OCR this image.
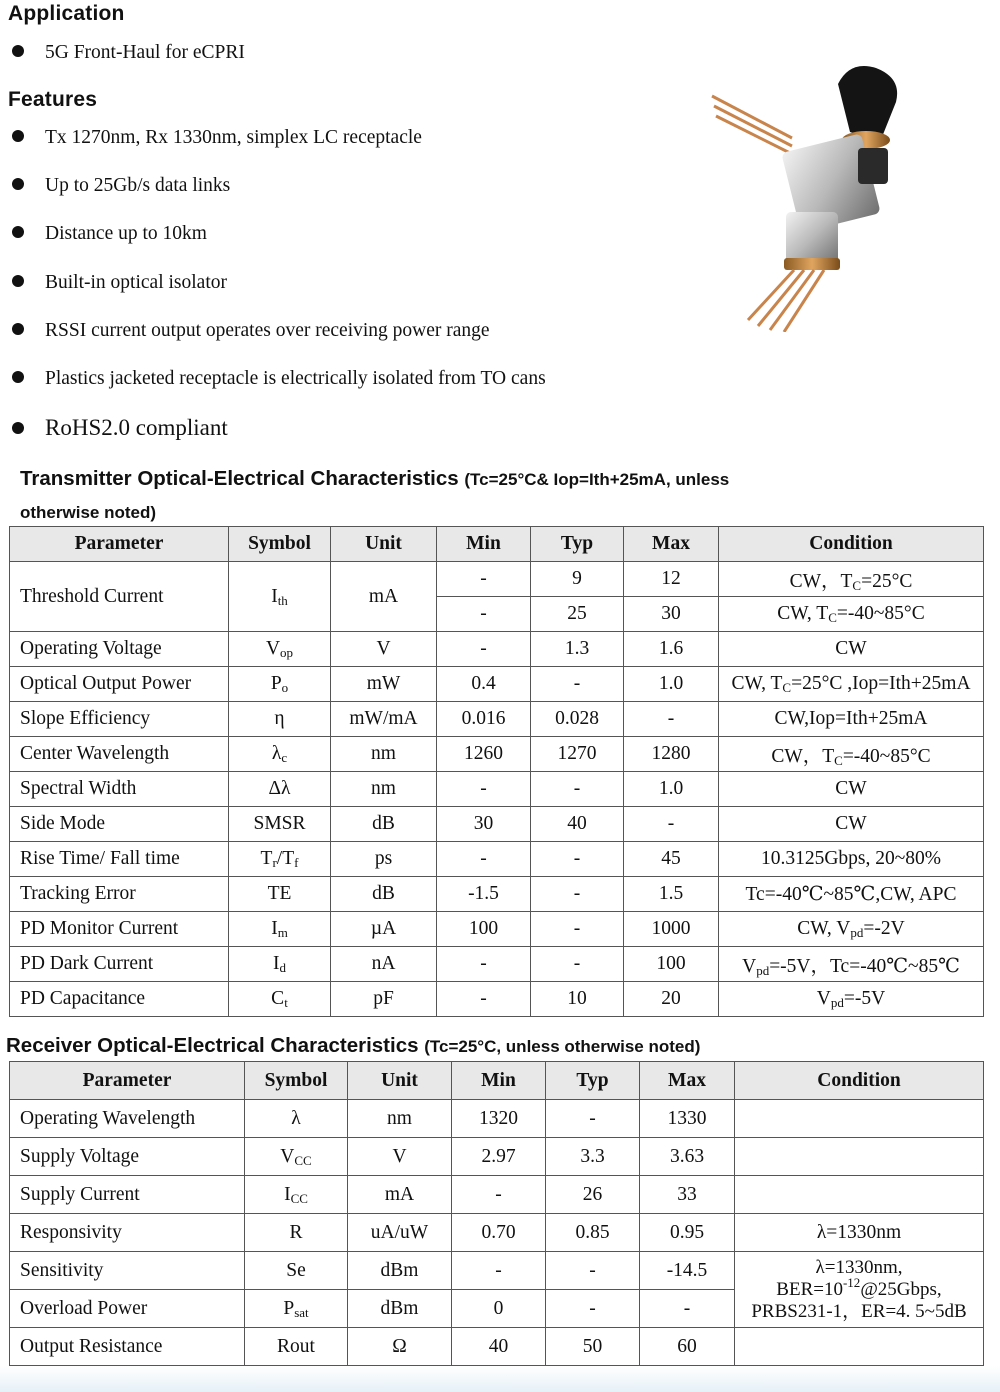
Application
5G Front-Haul for eCPRI
Features
Tx 1270nm, Rx 1330nm, simplex LC receptacle
Up to 25Gb/s data links
Distance up to 10km
Built-in optical isolator
RSSI current output operates over receiving power range
Plastics jacketed receptacle is electrically isolated from TO cans
RoHS2.0 compliant
Transmitter Optical-Electrical Characteristics (Tc=25°C& Iop=Ith+25mA, unless
otherwise noted)
Parameter	Symbol	Unit	Min	Typ	Max	Condition
Threshold Current	$I_{th}$	mA	-	9	12	CW，$T_C=25^\circ C$
			-	25	30	CW, $T_C=-40\sim 85^\circ C$
Operating Voltage	$V_{op}$	V	-	1.3	1.6	CW
Optical Output Power	$P_o$	mW	0.4	-	1.0	CW, $T_C=25^\circ C$ ,Iop=Ith+25mA
Slope Efficiency	η	mW/mA	0.016	0.028	-	CW,Iop=Ith+25mA
Center Wavelength	$\lambda_c$	nm	1260	1270	1280	CW，$T_C=-40\sim 85^\circ C$
Spectral Width	Δλ	nm	-	-	1.0	CW
Side Mode	SMSR	dB	30	40	-	CW
Rise Time/ Fall time	$T_r/T_f$	ps	-	-	45	10.3125Gbps, 20~80%
Tracking Error	TE	dB	-1.5	-	1.5	Tc=-40℃~85℃,CW, APC
PD Monitor Current	$I_m$	µA	100	-	1000	CW, $V_{pd}=-2V$
PD Dark Current	$I_d$	nA	-	-	100	$V_{pd}=-5V$，Tc=-40℃~85℃
PD Capacitance	$C_t$	pF	-	10	20	$V_{pd}=-5V$
Receiver Optical-Electrical Characteristics (Tc=25°C, unless otherwise noted)
Parameter	Symbol	Unit	Min	Typ	Max	Condition
Operating Wavelength	λ	nm	1320	-	1330	
Supply Voltage	$V_{CC}$	V	2.97	3.3	3.63	
Supply Current	$I_{CC}$	mA	-	26	33	
Responsivity	R	uA/uW	0.70	0.85	0.95	λ=1330nm
Sensitivity	Se	dBm	-	-	-14.5	λ=1330nm,
$BER=10^{-12}@25Gbps$,
PRBS231-1，ER=4. 5~5dB
Overload Power	$P_{sat}$	dBm	0	-	-	
Output Resistance	Rout	Ω	40	50	60	
